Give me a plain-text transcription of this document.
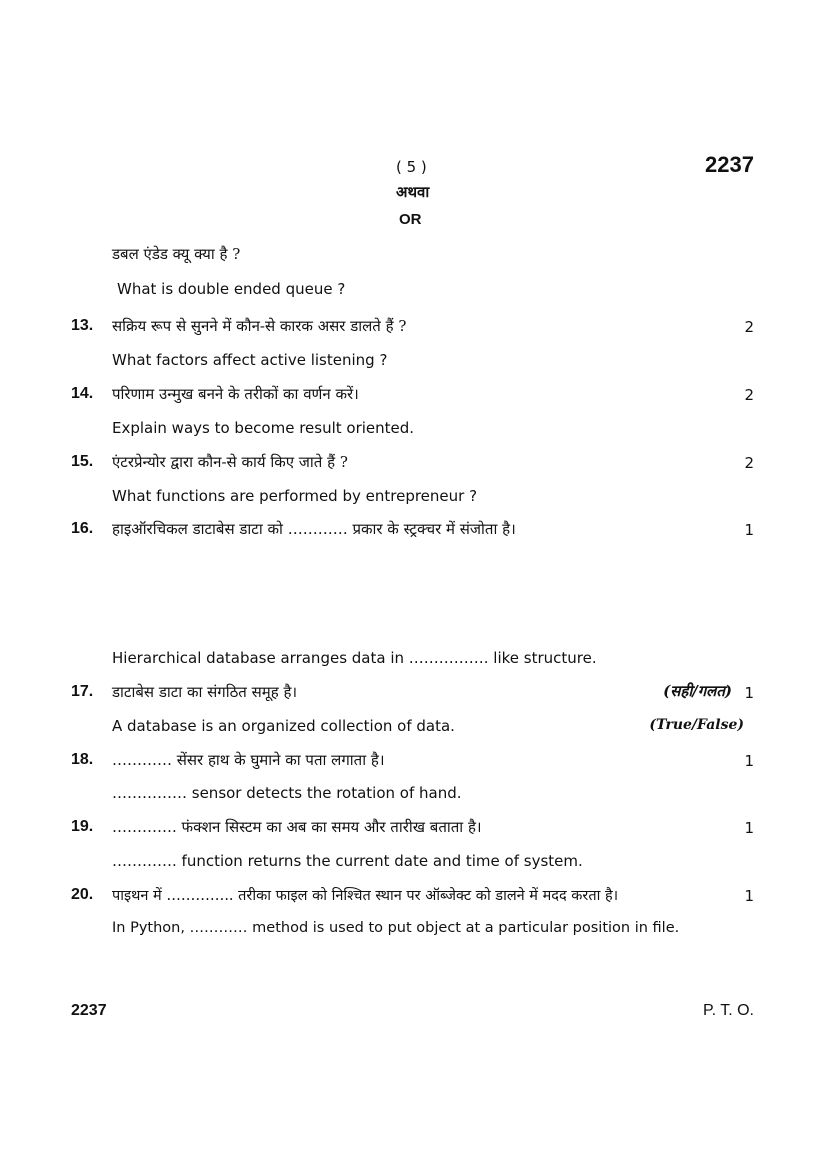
( 5 )	2237
अथवा
OR
डबल एंडेड क्यू क्या है ?
What is double ended queue ?
13. सक्रिय रूप से सुनने में कौन-से कारक असर डालते हैं ?	2
What factors affect active listening ?
14. परिणाम उन्मुख बनने के तरीकों का वर्णन करें।	2
Explain ways to become result oriented.
15. एंटरप्रेन्योर द्वारा कौन-से कार्य किए जाते हैं ?	2
What functions are performed by entrepreneur ?
16. हाइऑरचिकल डाटाबेस डाटा को ………… प्रकार के स्ट्रक्चर में संजोता है।	1
Hierarchical database arranges data in ……………. like structure.
17. डाटाबेस डाटा का संगठित समूह है।	(सही/गलत) 1
A database is an organized collection of data.	(True/False)
18. ………… सेंसर हाथ के घुमाने का पता लगाता है।	1
…………… sensor detects the rotation of hand.
19. …………. फंक्शन सिस्टम का अब का समय और तारीख बताता है।	1
…………. function returns the current date and time of system.
20. पाइथन में ………….. तरीका फाइल को निश्चित स्थान पर ऑब्जेक्ट को डालने में मदद करता है।	1
In Python, ………… method is used to put object at a particular position in file.
2237	P. T. O.
